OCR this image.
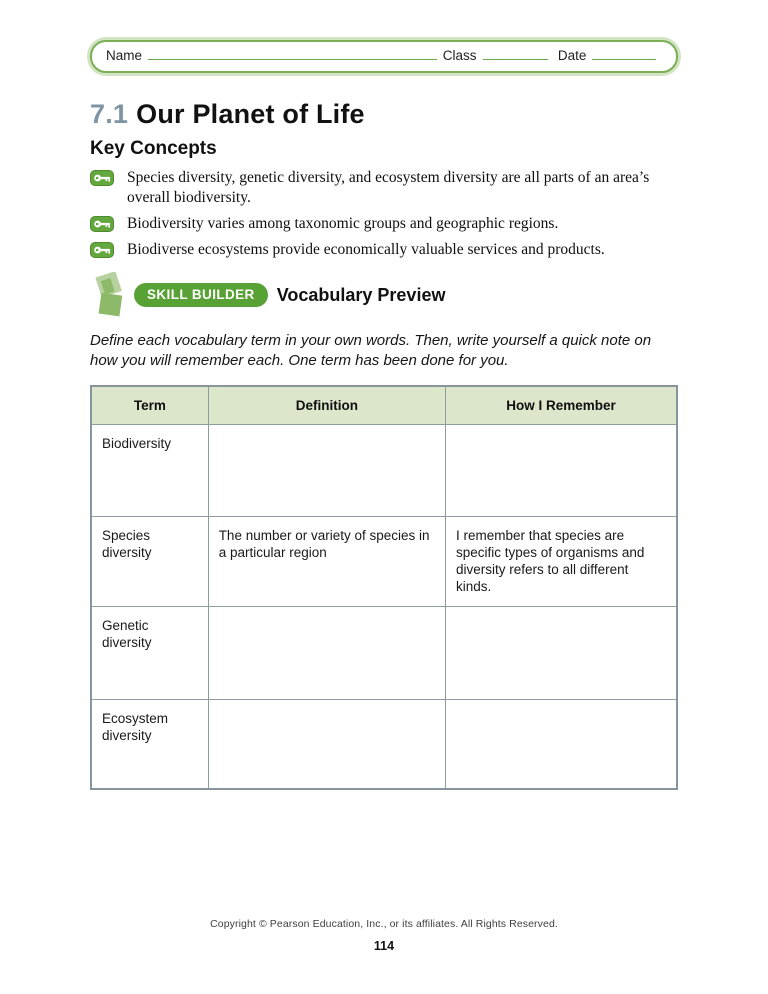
Name	Class	Date
7.1 Our Planet of Life
Key Concepts
Species diversity, genetic diversity, and ecosystem diversity are all parts of an area’s overall biodiversity.
Biodiversity varies among taxonomic groups and geographic regions.
Biodiverse ecosystems provide economically valuable services and products.
SKILL BUILDER	Vocabulary Preview

Define each vocabulary term in your own words. Then, write yourself a quick note on how you will remember each. One term has been done for you.

Term	Definition	How I Remember
Biodiversity		
Species diversity	The number or variety of species in a particular region	I remember that species are specific types of organisms and diversity refers to all different kinds.
Genetic diversity		
Ecosystem diversity		
Copyright © Pearson Education, Inc., or its affiliates. All Rights Reserved.
114
